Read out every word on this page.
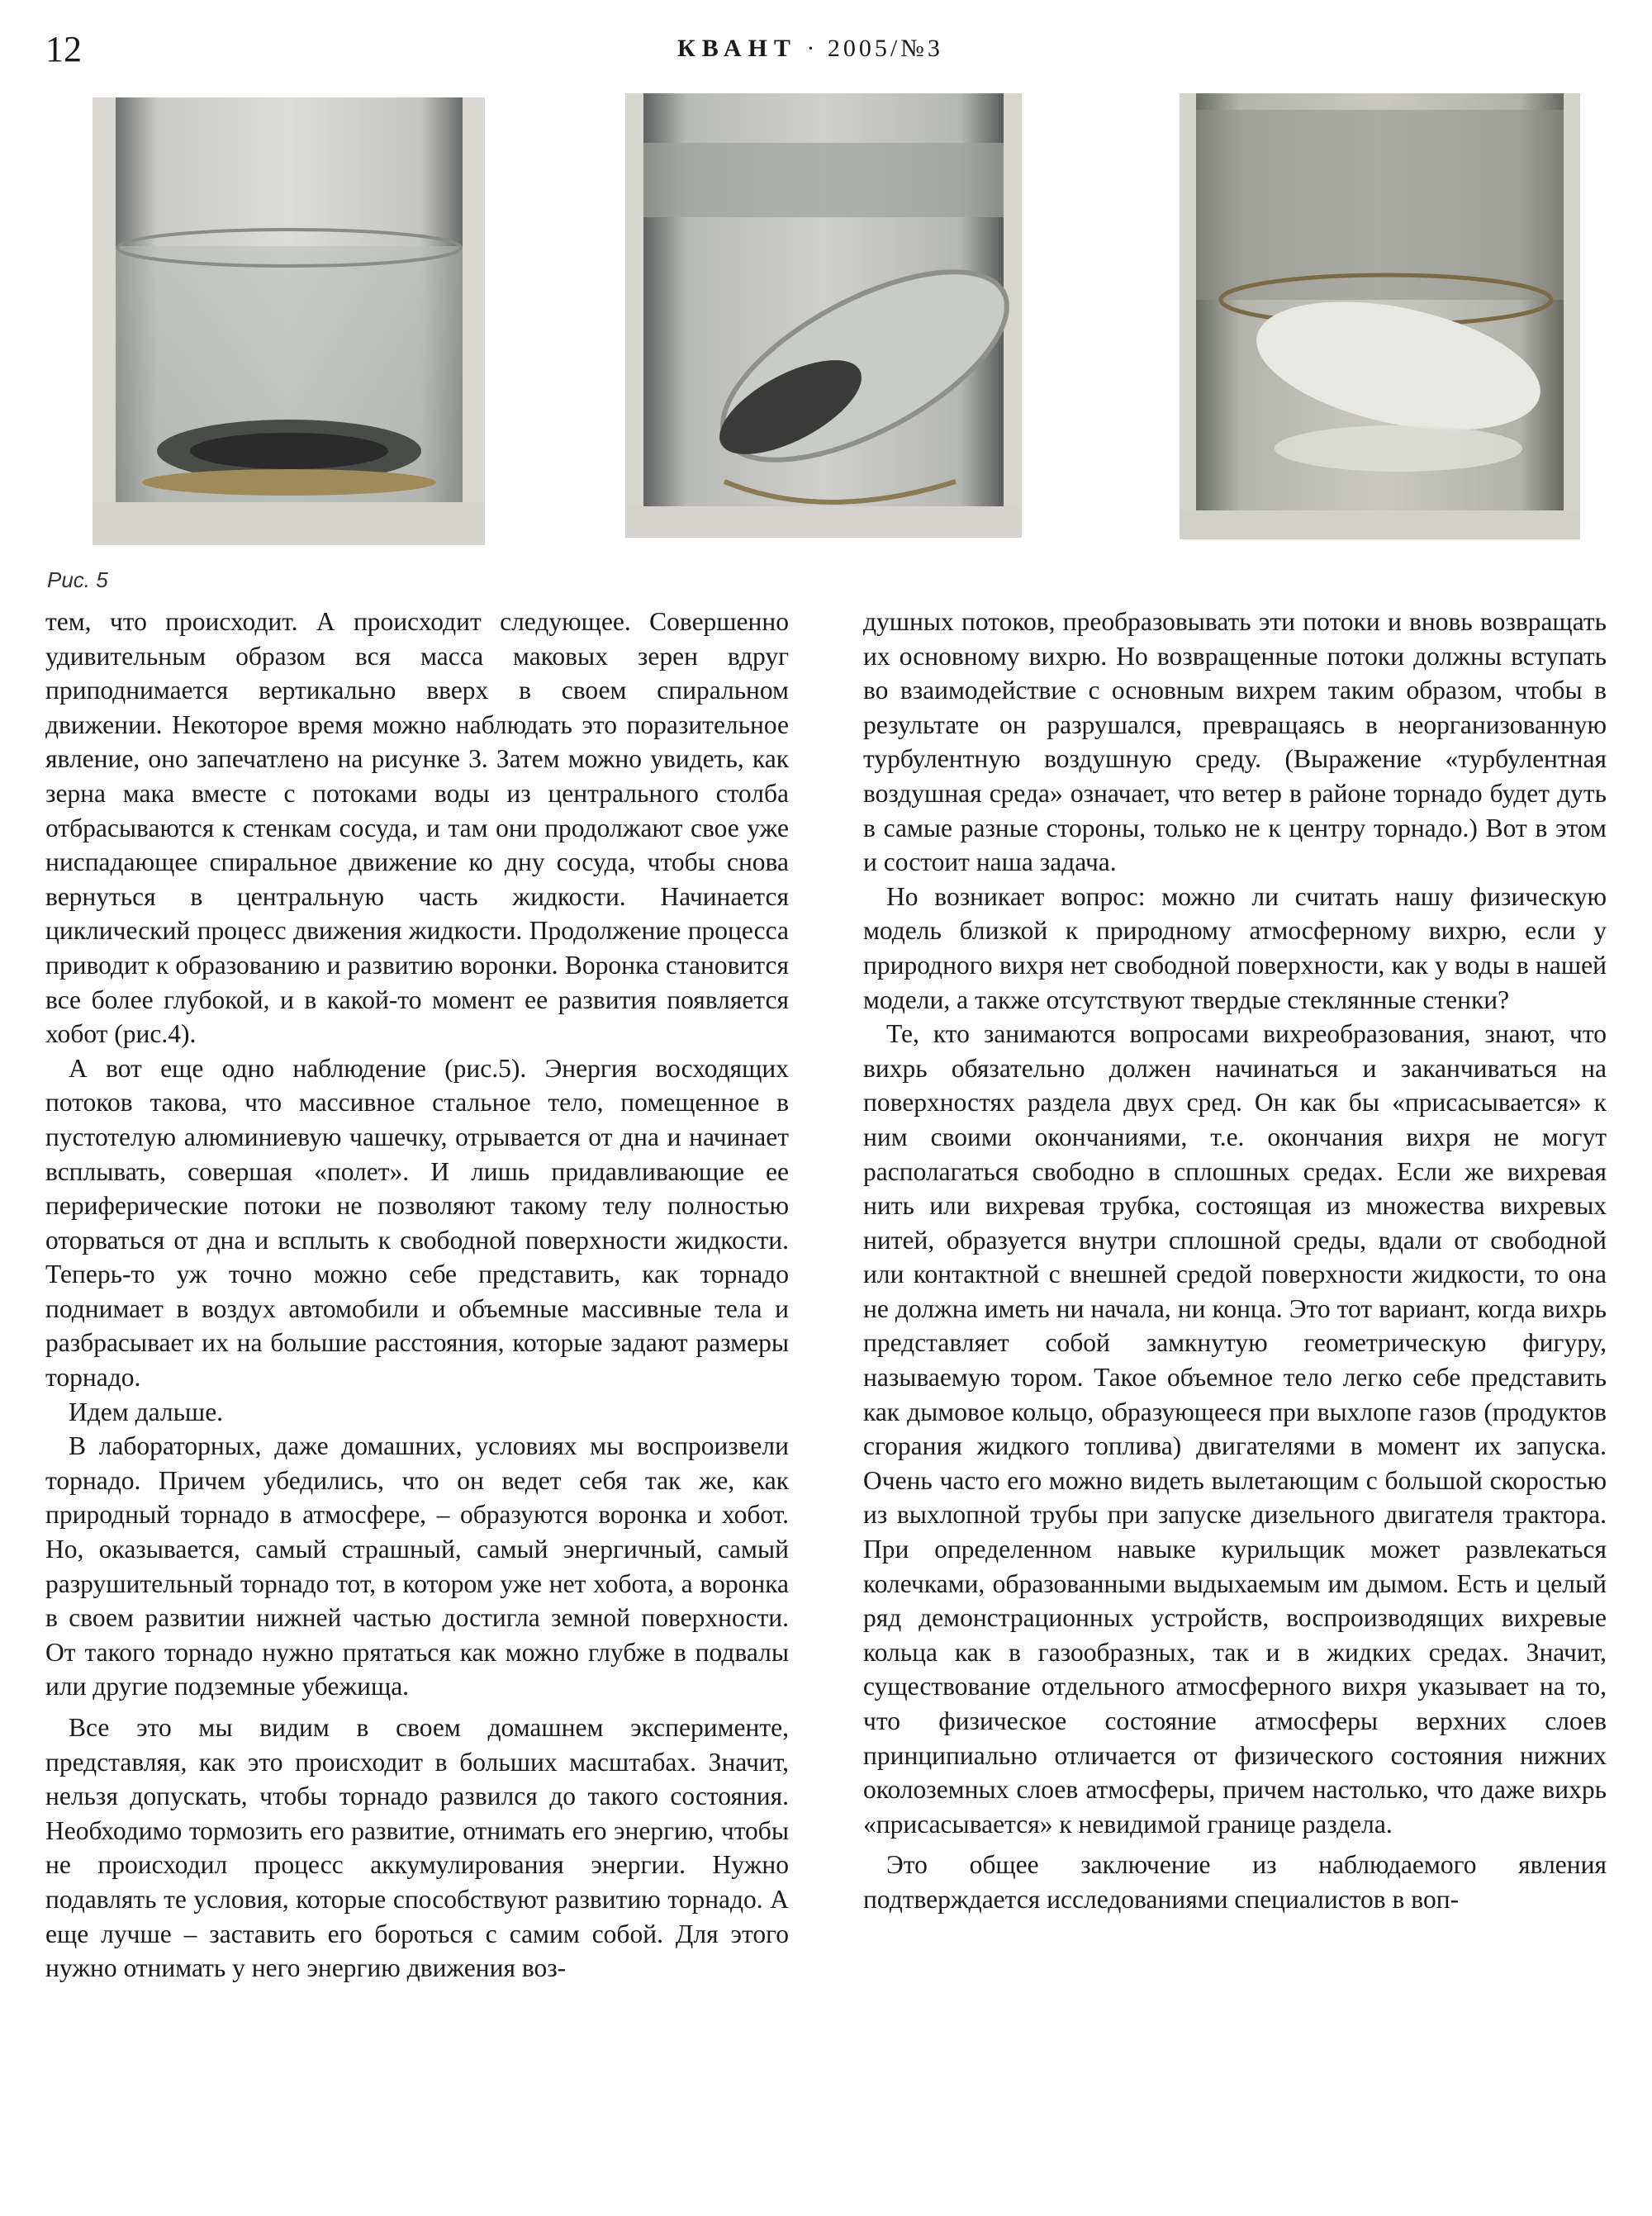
12	КВАНТ · 2005/№3
Рис. 5

тем, что происходит. А происходит следующее. Совершенно удивительным образом вся масса маковых зерен вдруг приподнимается вертикально вверх в своем спиральном движении. Некоторое время можно наблюдать это поразительное явление, оно запечатлено на рисунке 3. Затем можно увидеть, как зерна мака вместе с потоками воды из центрального столба отбрасываются к стенкам сосуда, и там они продолжают свое уже ниспадающее спиральное движение ко дну сосуда, чтобы снова вернуться в центральную часть жидкости. Начинается циклический процесс движения жидкости. Продолжение процесса приводит к образованию и развитию воронки. Воронка становится все более глубокой, и в какой-то момент ее развития появляется хобот (рис.4).

А вот еще одно наблюдение (рис.5). Энергия восходящих потоков такова, что массивное стальное тело, помещенное в пустотелую алюминиевую чашечку, отрывается от дна и начинает всплывать, совершая «полет». И лишь придавливающие ее периферические потоки не позволяют такому телу полностью оторваться от дна и всплыть к свободной поверхности жидкости. Теперь-то уж точно можно себе представить, как торнадо поднимает в воздух автомобили и объемные массивные тела и разбрасывает их на большие расстояния, которые задают размеры торнадо.

Идем дальше.

В лабораторных, даже домашних, условиях мы воспроизвели торнадо. Причем убедились, что он ведет себя так же, как природный торнадо в атмосфере, – образуются воронка и хобот. Но, оказывается, самый страшный, самый энергичный, самый разрушительный торнадо тот, в котором уже нет хобота, а воронка в своем развитии нижней частью достигла земной поверхности. От такого торнадо нужно прятаться как можно глубже в подвалы или другие подземные убежища.

Все это мы видим в своем домашнем эксперименте, представляя, как это происходит в больших масштабах. Значит, нельзя допускать, чтобы торнадо развился до такого состояния. Необходимо тормозить его развитие, отнимать его энергию, чтобы не происходил процесс аккумулирования энергии. Нужно подавлять те условия, которые способствуют развитию торнадо. А еще лучше – заставить его бороться с самим собой. Для этого нужно отнимать у него энергию движения воз-

душных потоков, преобразовывать эти потоки и вновь возвращать их основному вихрю. Но возвращенные потоки должны вступать во взаимодействие с основным вихрем таким образом, чтобы в результате он разрушался, превращаясь в неорганизованную турбулентную воздушную среду. (Выражение «турбулентная воздушная среда» означает, что ветер в районе торнадо будет дуть в самые разные стороны, только не к центру торнадо.) Вот в этом и состоит наша задача.

Но возникает вопрос: можно ли считать нашу физическую модель близкой к природному атмосферному вихрю, если у природного вихря нет свободной поверхности, как у воды в нашей модели, а также отсутствуют твердые стеклянные стенки?

Те, кто занимаются вопросами вихреобразования, знают, что вихрь обязательно должен начинаться и заканчиваться на поверхностях раздела двух сред. Он как бы «присасывается» к ним своими окончаниями, т.е. окончания вихря не могут располагаться свободно в сплошных средах. Если же вихревая нить или вихревая трубка, состоящая из множества вихревых нитей, образуется внутри сплошной среды, вдали от свободной или контактной с внешней средой поверхности жидкости, то она не должна иметь ни начала, ни конца. Это тот вариант, когда вихрь представляет собой замкнутую геометрическую фигуру, называемую тором. Такое объемное тело легко себе представить как дымовое кольцо, образующееся при выхлопе газов (продуктов сгорания жидкого топлива) двигателями в момент их запуска. Очень часто его можно видеть вылетающим с большой скоростью из выхлопной трубы при запуске дизельного двигателя трактора. При определенном навыке курильщик может развлекаться колечками, образованными выдыхаемым им дымом. Есть и целый ряд демонстрационных устройств, воспроизводящих вихревые кольца как в газообразных, так и в жидких средах. Значит, существование отдельного атмосферного вихря указывает на то, что физическое состояние атмосферы верхних слоев принципиально отличается от физического состояния нижних околоземных слоев атмосферы, причем настолько, что даже вихрь «присасывается» к невидимой границе раздела.

Это общее заключение из наблюдаемого явления подтверждается исследованиями специалистов в воп-
